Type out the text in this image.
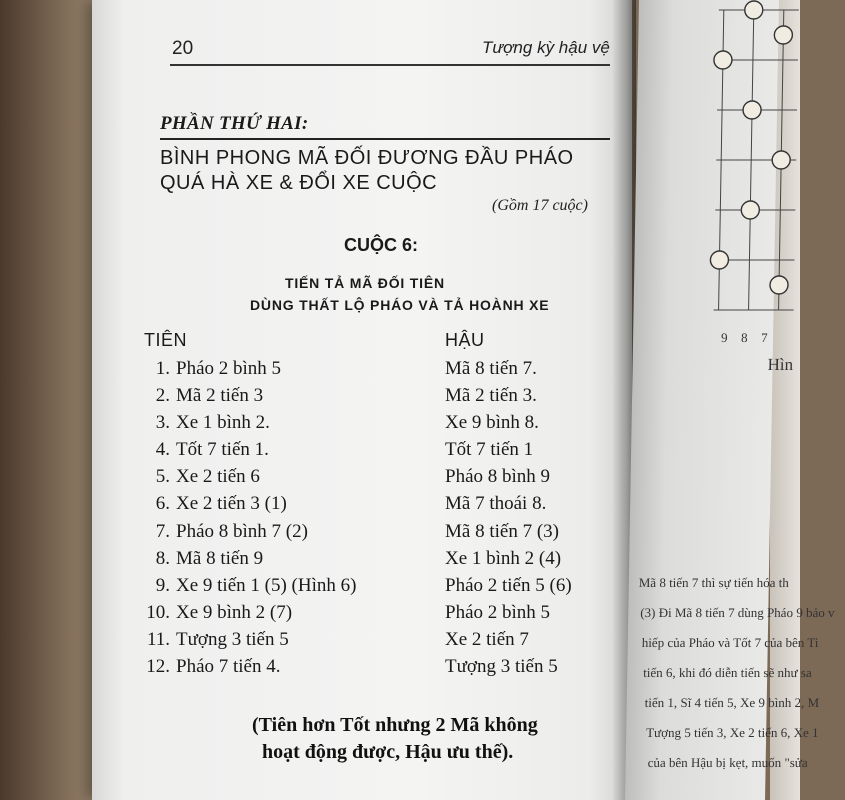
20	Tượng kỳ hậu vệ
PHẦN THỨ HAI:
BÌNH PHONG MÃ ĐỐI ĐƯƠNG ĐẦU PHÁO
QUÁ HÀ XE & ĐỔI XE CUỘC
(Gồm 17 cuộc)
CUỘC 6:
TIẾN TẢ MÃ ĐỐI TIÊN
DÙNG THẤT LỘ PHÁO VÀ TẢ HOÀNH XE
TIÊN	HẬU
1. Pháo 2 bình 5
2. Mã 2 tiến 3
3. Xe 1 bình 2.
4. Tốt 7 tiến 1.
5. Xe 2 tiến 6
6. Xe 2 tiến 3 (1)
7. Pháo 8 bình 7 (2)
8. Mã 8 tiến 9
9. Xe 9 tiến 1 (5) (Hình 6)
10. Xe 9 bình 2 (7)
11. Tượng 3 tiến 5
12. Pháo 7 tiến 4.
Mã 8 tiến 7.
Mã 2 tiến 3.
Xe 9 bình 8.
Tốt 7 tiến 1
Pháo 8 bình 9
Mã 7 thoái 8.
Mã 8 tiến 7 (3)
Xe 1 bình 2 (4)
Pháo 2 tiến 5 (6)
Pháo 2 bình 5
Xe 2 tiến 7
Tượng 3 tiến 5
(Tiên hơn Tốt nhưng 2 Mã không
hoạt động được, Hậu ưu thế).
9 8 7
Hìn
Mã 8 tiến 7 thì sự tiến hóa th
(3) Đi Mã 8 tiến 7 dùng Pháo 9 bảo v
hiếp của Pháo và Tốt 7 của bên Ti
tiến 6, khi đó diễn tiến sẽ như sa
tiến 1, Sĩ 4 tiến 5, Xe 9 bình 2, M
Tượng 5 tiến 3, Xe 2 tiến 6, Xe 1
của bên Hậu bị kẹt, muốn "sửa
